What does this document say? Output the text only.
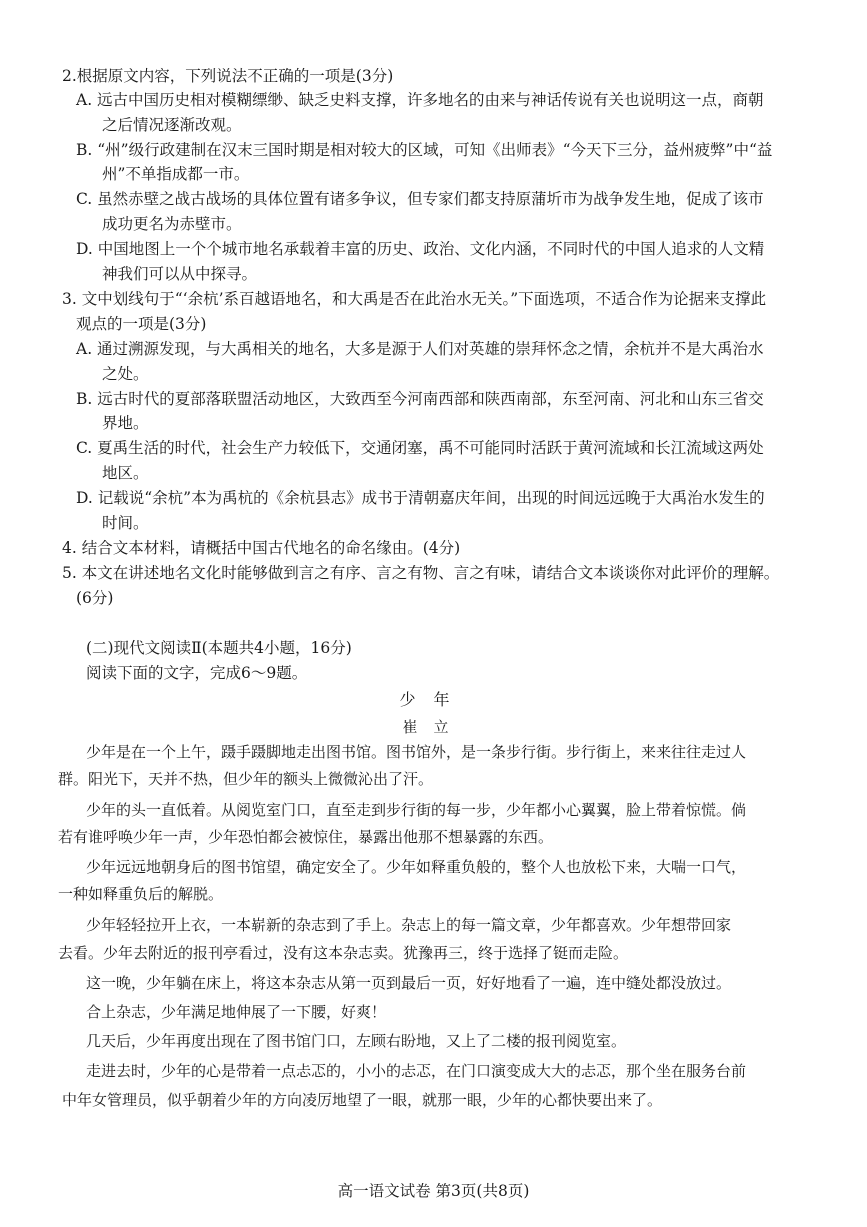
2.根据原文内容，下列说法不正确的一项是(3分)
A. 远古中国历史相对模糊缥缈、缺乏史料支撑，许多地名的由来与神话传说有关也说明这一点，商朝
之后情况逐渐改观。
B. “州”级行政建制在汉末三国时期是相对较大的区域，可知《出师表》“今天下三分，益州疲弊”中“益
州”不单指成都一市。
C. 虽然赤壁之战古战场的具体位置有诸多争议，但专家们都支持原蒲圻市为战争发生地，促成了该市
成功更名为赤壁市。
D. 中国地图上一个个城市地名承载着丰富的历史、政治、文化内涵，不同时代的中国人追求的人文精
神我们可以从中探寻。
3. 文中划线句于“‘余杭’系百越语地名，和大禹是否在此治水无关。”下面选项，不适合作为论据来支撑此
观点的一项是(3分)
A. 通过溯源发现，与大禹相关的地名，大多是源于人们对英雄的崇拜怀念之情，余杭并不是大禹治水
之处。
B. 远古时代的夏部落联盟活动地区，大致西至今河南西部和陕西南部，东至河南、河北和山东三省交
界地。
C. 夏禹生活的时代，社会生产力较低下，交通闭塞，禹不可能同时活跃于黄河流域和长江流域这两处
地区。
D. 记载说“余杭”本为禹杭的《余杭县志》成书于清朝嘉庆年间，出现的时间远远晚于大禹治水发生的
时间。
4. 结合文本材料，请概括中国古代地名的命名缘由。(4分)
5. 本文在讲述地名文化时能够做到言之有序、言之有物、言之有味，请结合文本谈谈你对此评价的理解。
(6分)
(二)现代文阅读Ⅱ(本题共4小题，16分)
阅读下面的文字，完成6～9题。
少年
崔立
少年是在一个上午，蹑手蹑脚地走出图书馆。图书馆外，是一条步行街。步行街上，来来往往走过人
群。阳光下，天并不热，但少年的额头上微微沁出了汗。
少年的头一直低着。从阅览室门口，直至走到步行街的每一步，少年都小心翼翼，脸上带着惊慌。倘
若有谁呼唤少年一声，少年恐怕都会被惊住，暴露出他那不想暴露的东西。
少年远远地朝身后的图书馆望，确定安全了。少年如释重负般的，整个人也放松下来，大喘一口气，
一种如释重负后的解脱。
少年轻轻拉开上衣，一本崭新的杂志到了手上。杂志上的每一篇文章，少年都喜欢。少年想带回家
去看。少年去附近的报刊亭看过，没有这本杂志卖。犹豫再三，终于选择了铤而走险。
这一晚，少年躺在床上，将这本杂志从第一页到最后一页，好好地看了一遍，连中缝处都没放过。
合上杂志，少年满足地伸展了一下腰，好爽！
几天后，少年再度出现在了图书馆门口，左顾右盼地，又上了二楼的报刊阅览室。
走进去时，少年的心是带着一点忐忑的，小小的忐忑，在门口演变成大大的忐忑，那个坐在服务台前
中年女管理员，似乎朝着少年的方向凌厉地望了一眼，就那一眼，少年的心都快要出来了。
高一语文试卷 第3页(共8页)
